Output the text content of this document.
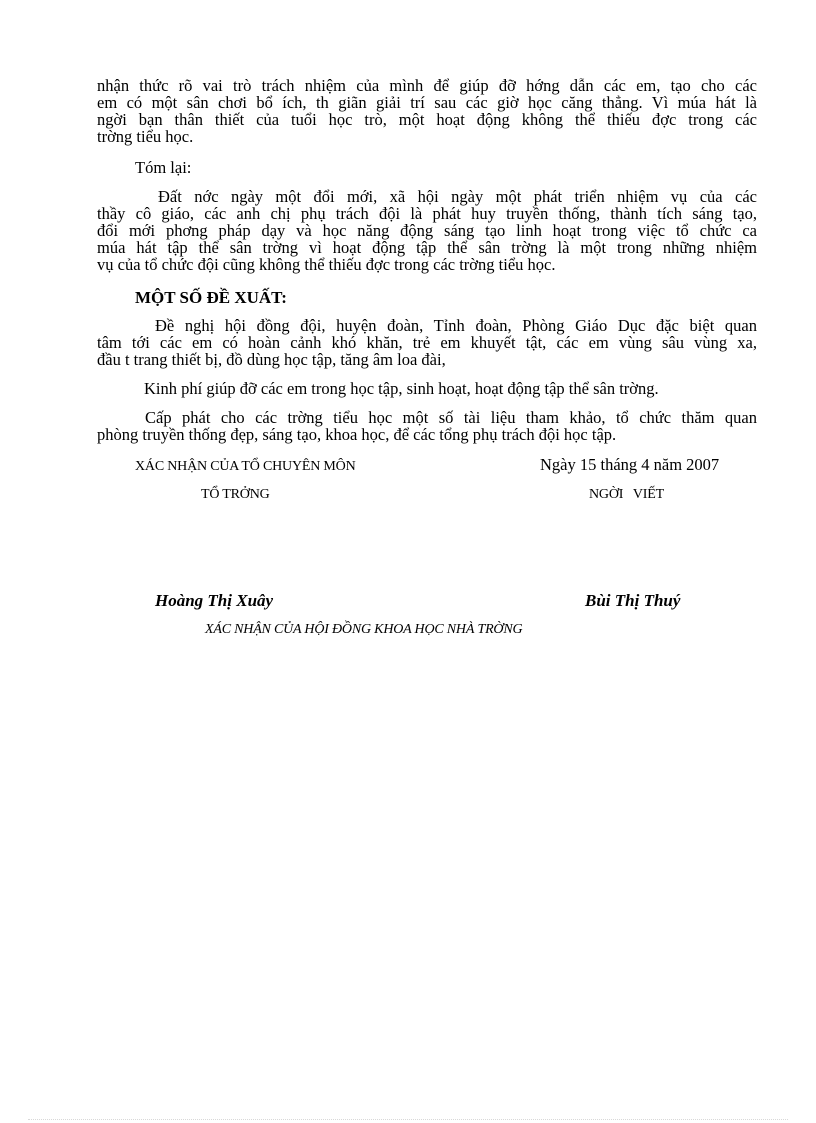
nhận thức rõ vai trò trách nhiệm của mình để giúp đỡ hớng dẫn các em, tạo cho các
em có một sân chơi bổ ích, th giãn giải trí sau các giờ học căng thẳng. Vì múa hát là
ngời bạn thân thiết của tuổi học trò, một hoạt động không thể thiếu đợc trong các
trờng tiểu học.

Tóm lại:

Đất nớc ngày một đổi mới, xã hội ngày một phát triển nhiệm vụ của các
thầy cô giáo, các anh chị phụ trách đội là phát huy truyền thống, thành tích sáng tạo,
đổi mới phơng pháp dạy và học năng động sáng tạo linh hoạt trong việc tổ chức ca
múa hát tập thể sân trờng vì hoạt động tập thể sân trờng là một trong những nhiệm
vụ của tổ chức đội cũng không thể thiếu đợc trong các trờng tiểu học.

MỘT SỐ ĐỀ XUẤT:

Đề nghị hội đồng đội, huyện đoàn, Tỉnh đoàn, Phòng Giáo Dục đặc biệt quan
tâm tới các em có hoàn cảnh khó khăn, trẻ em khuyết tật, các em vùng sâu vùng xa,
đầu t trang thiết bị, đồ dùng học tập, tăng âm loa đài,
Kinh phí giúp đỡ các em trong học tập, sinh hoạt, hoạt động tập thể sân trờng.
Cấp phát cho các trờng tiểu học một số tài liệu tham khảo, tổ chức thăm quan
phòng truyền thống đẹp, sáng tạo, khoa học, để các tổng phụ trách đội học tập.

XÁC NHẬN CỦA TỔ CHUYÊN MÔN	Ngày 15 tháng 4 năm 2007

TỔ TRỞNG	NGỜI   VIẾT

Hoàng Thị Xuây	Bùi Thị Thuý

XÁC NHẬN CỦA HỘI ĐỒNG KHOA HỌC NHÀ TRỜNG
